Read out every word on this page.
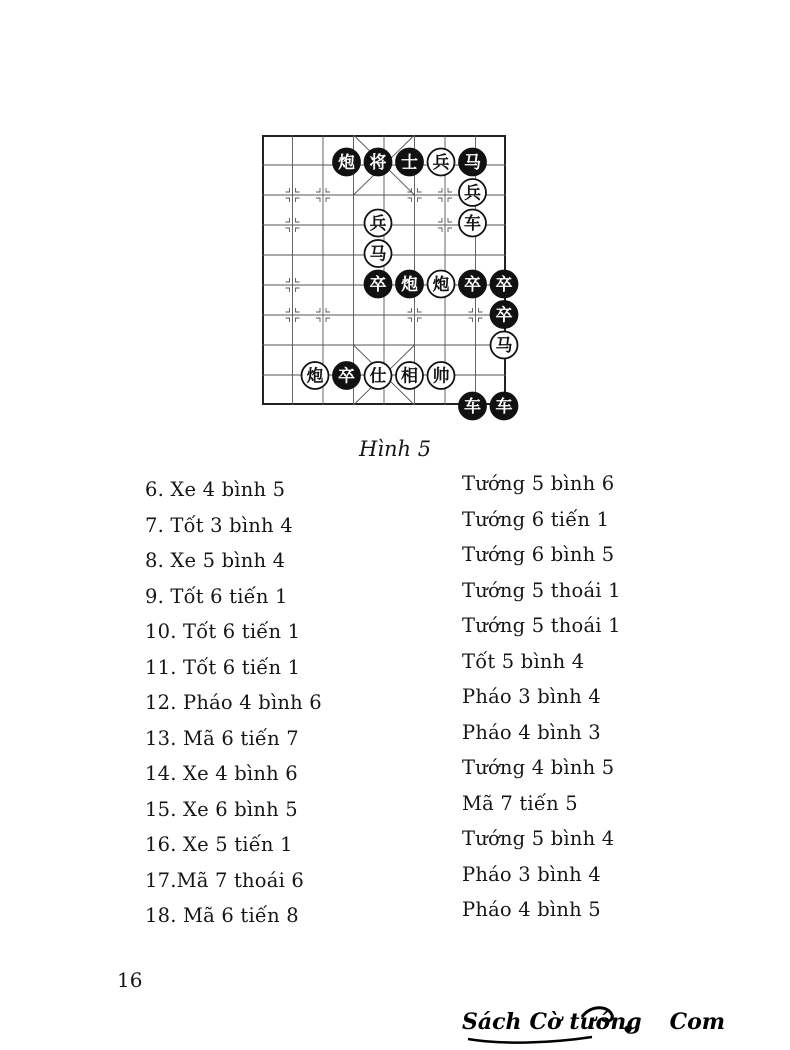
炮 将 士 兵 马
兵
兵	车
马
卒 炮 炮 卒 卒
卒
马
炮 卒 仕 相 帅
车 车
Hình 5
6. Xe 4 bình 5	Tướng 5 bình 6
7. Tốt 3 bình 4	Tướng 6 tiến 1
8. Xe 5 bình 4	Tướng 6 bình 5
9. Tốt 6 tiến 1	Tướng 5 thoái 1
10. Tốt 6 tiến 1	Tướng 5 thoái 1
11. Tốt 6 tiến 1	Tốt 5 bình 4
12. Pháo 4 bình 6	Pháo 3 bình 4
13. Mã 6 tiến 7	Pháo 4 bình 3
14. Xe 4 bình 6	Tướng 4 bình 5
15. Xe 6 bình 5	Mã 7 tiến 5
16. Xe 5 tiến 1	Tướng 5 bình 4
17.Mã 7 thoái 6	Pháo 3 bình 4
18. Mã 6 tiến 8	Pháo 4 bình 5
16
Sách Cờ tướng Com
